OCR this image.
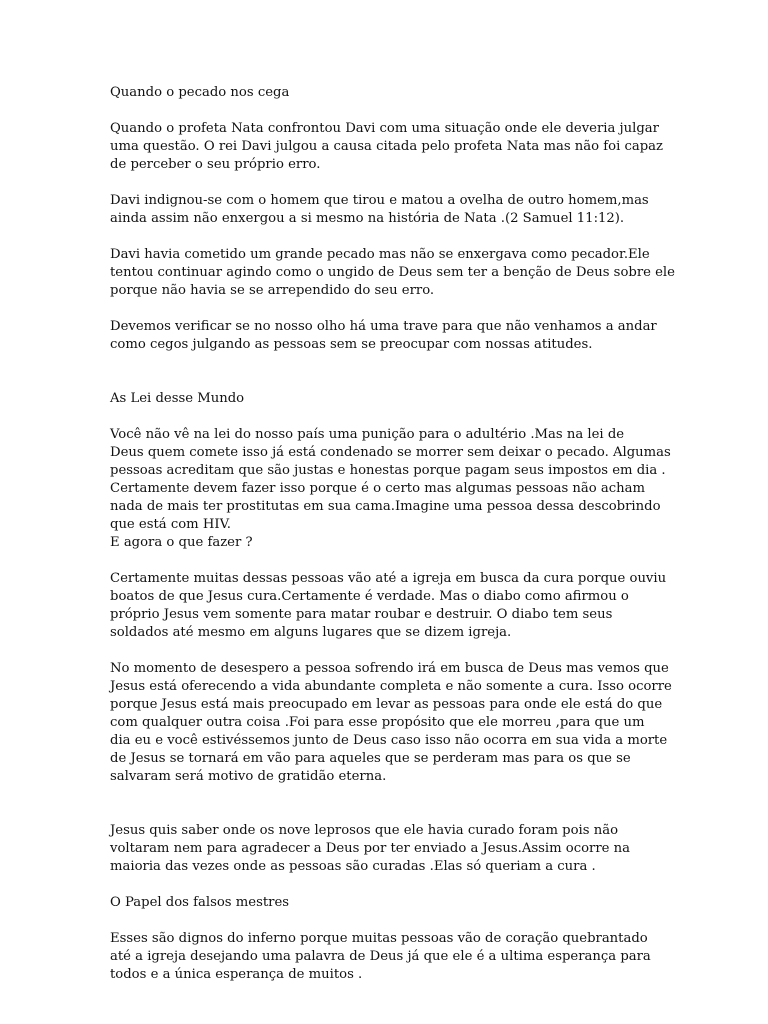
Quando o pecado nos cega

Quando o profeta Nata confrontou Davi com uma situação onde ele deveria julgar

uma questão. O rei Davi julgou a causa citada pelo profeta Nata mas não foi capaz

de perceber o seu próprio erro.

Davi indignou-se com o homem que tirou e matou a ovelha de outro homem,mas

ainda assim não enxergou a si mesmo na história de Nata .(2 Samuel 11:12).

Davi havia cometido um grande pecado mas não se enxergava como pecador.Ele

tentou continuar agindo como o ungido de Deus sem ter a benção de Deus sobre ele

porque não havia se se arrependido do seu erro.

Devemos verificar se no nosso olho há uma trave para que não venhamos a andar

como cegos julgando as pessoas sem se preocupar com nossas atitudes.

As Lei desse Mundo

Você não vê na lei do nosso país uma punição para o adultério .Mas na lei de

Deus quem comete isso já está condenado se morrer sem deixar o pecado. Algumas

pessoas acreditam que são justas e honestas porque pagam seus impostos em dia .

Certamente devem fazer isso porque é o certo mas algumas pessoas não acham

nada de mais ter prostitutas em sua cama.Imagine uma pessoa dessa descobrindo

que está com HIV.

E agora o que fazer ?

Certamente muitas dessas pessoas vão até a igreja em busca da cura porque ouviu

boatos de que Jesus cura.Certamente é verdade. Mas o diabo como afirmou o

próprio Jesus vem somente para matar roubar e destruir. O diabo tem seus

soldados até mesmo em alguns lugares que se dizem igreja.

No momento de desespero a pessoa sofrendo irá em busca de Deus mas vemos que

Jesus está oferecendo a vida abundante completa e não somente a cura. Isso ocorre

porque Jesus está mais preocupado em levar as pessoas para onde ele está do que

com qualquer outra coisa .Foi para esse propósito que ele morreu ,para que um

dia eu e você estivéssemos junto de Deus caso isso não ocorra em sua vida a morte

de Jesus se tornará em vão para aqueles que se perderam mas para os que se

salvaram será motivo de gratidão eterna.

Jesus quis saber onde os nove leprosos que ele havia curado foram pois não

voltaram nem para agradecer a Deus por ter enviado a Jesus.Assim ocorre na

maioria das vezes onde as pessoas são curadas .Elas só queriam a cura .

O Papel dos falsos mestres

Esses são dignos do inferno porque muitas pessoas vão de coração quebrantado

até a igreja desejando uma palavra de Deus já que ele é a ultima esperança para

todos e a única esperança de muitos .
